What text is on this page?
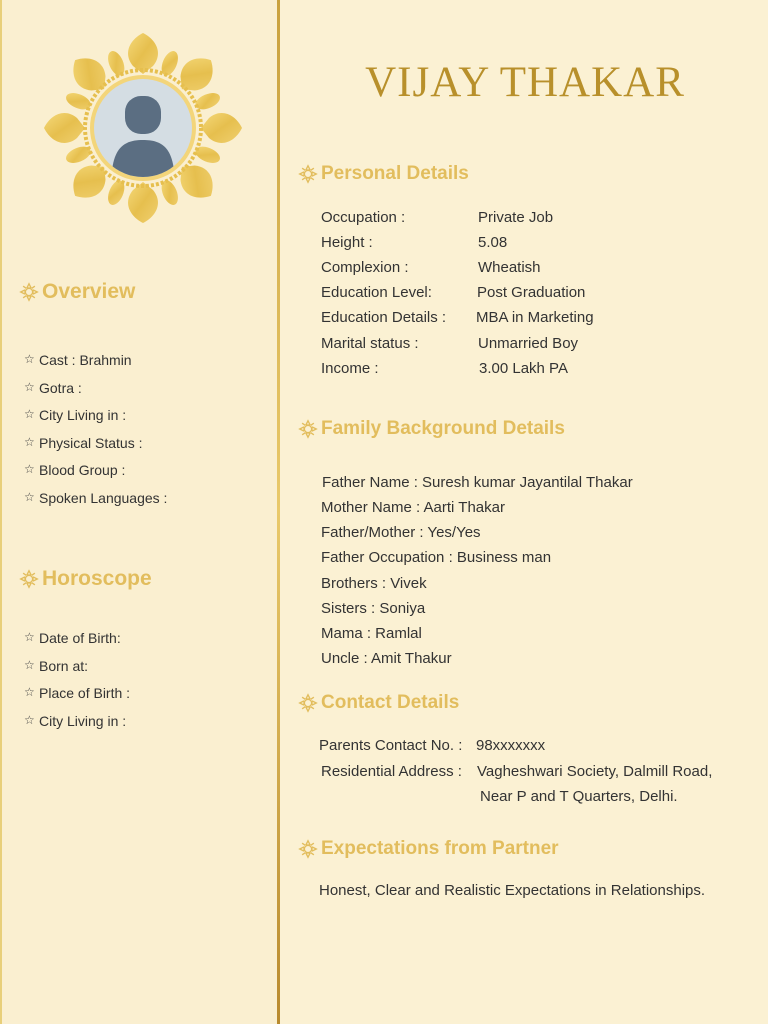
Overview
☆ Cast : Brahmin
☆ Gotra :
☆ City Living in :
☆ Physical Status :
☆ Blood Group :
☆ Spoken Languages :
Horoscope
☆ Date of Birth:
☆ Born at:
☆ Place of Birth :
☆ City Living in :
VIJAY THAKAR
Personal Details
Occupation :	Private Job
Height :	5.08
Complexion :	Wheatish
Education Level:	Post Graduation
Education Details : MBA in Marketing
Marital status :	Unmarried Boy
Income :	3.00 Lakh PA
Family Background Details
Father Name : Suresh kumar Jayantilal Thakar
Mother Name : Aarti Thakar
Father/Mother : Yes/Yes
Father Occupation : Business man
Brothers : Vivek
Sisters : Soniya
Mama : Ramlal
Uncle : Amit Thakur
Contact Details
Parents Contact No. : 98xxxxxxx
Residential Address : Vagheshwari Society, Dalmill Road,
Near P and T Quarters, Delhi.
Expectations from Partner
Honest, Clear and Realistic Expectations in Relationships.
